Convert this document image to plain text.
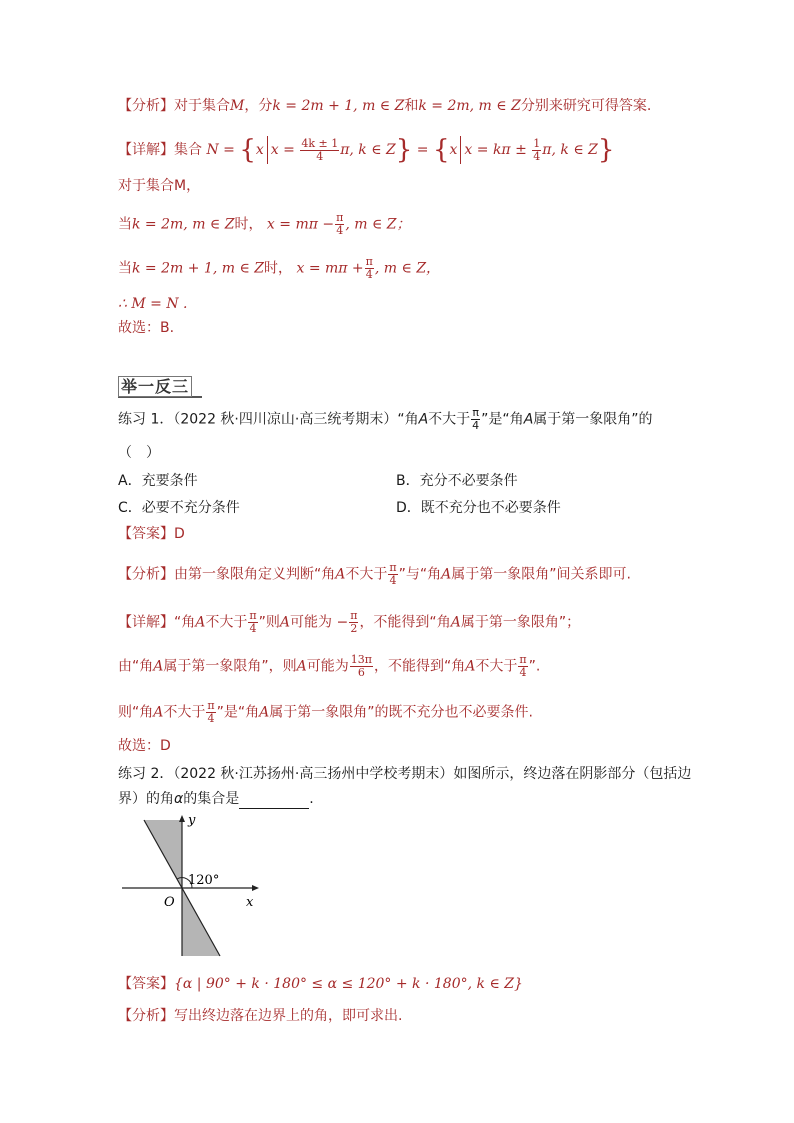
【分析】对于集合M，分k = 2m + 1, m ∈ Z和k = 2m, m ∈ Z分别来研究可得答案.
【详解】集合 N = {x $x = \frac{4k \pm 1}{4} \pi$, k ∈ Z} = {x $x = k\pi \pm \frac{1}{4} \pi$, k ∈ Z}
对于集合M，
当k = 2m, m ∈ Z时， $x = m\pi - \frac{\pi}{4}$ , m ∈ Z；
当k = 2m + 1, m ∈ Z时， $x = m\pi + \frac{\pi}{4}$ , m ∈ Z，
∴ M = N .
故选：B.
举一反三
练习 1．（2022 秋·四川凉山·高三统考期末）“角A不大于 $\frac{\pi}{4}$ ”是“角A属于第一象限角”的
（　）
A．充要条件	B．充分不必要条件
C．必要不充分条件	D．既不充分也不必要条件
【答案】D
【分析】由第一象限角定义判断“角A不大于 $\frac{\pi}{4}$ ”与“角A属于第一象限角”间关系即可.
【详解】“角A不大于 $\frac{\pi}{4}$ ”则A可能为 − $\frac{\pi}{2}$ ，不能得到“角A属于第一象限角”；
由“角A属于第一象限角”，则A可能为 $\frac{13\pi}{6}$ ，不能得到“角A不大于 $\frac{\pi}{4}$ ”.
则“角A不大于 $\frac{\pi}{4}$ ”是“角A属于第一象限角”的既不充分也不必要条件.
故选：D
练习 2．（2022 秋·江苏扬州·高三扬州中学校考期末）如图所示，终边落在阴影部分（包括边
界）的角α的集合是	.
y
x
O
120°
【答案】{α | 90° + k · 180° ≤ α ≤ 120° + k · 180°, k ∈ Z}
【分析】写出终边落在边界上的角，即可求出.
